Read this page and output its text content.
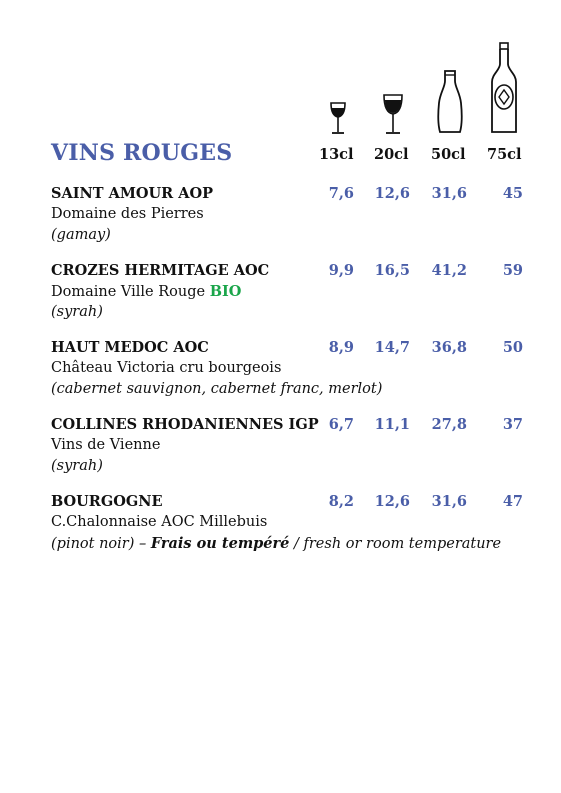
VINS ROUGES	13cl 20cl 50cl 75cl
SAINT AMOUR AOP
Domaine des Pierres
(gamay)
7,6 12,6 31,6 45
CROZES HERMITAGE AOC
Domaine Ville Rouge BIO
(syrah)
9,9 16,5 41,2 59
HAUT MEDOC AOC
Château Victoria cru bourgeois
(cabernet sauvignon, cabernet franc, merlot)
8,9 14,7 36,8 50
COLLINES RHODANIENNES IGP
Vins de Vienne
(syrah)
6,7 11,1 27,8 37
BOURGOGNE
C.Chalonnaise AOC Millebuis
(pinot noir) – Frais ou tempéré / fresh or room temperature
8,2 12,6 31,6 47
